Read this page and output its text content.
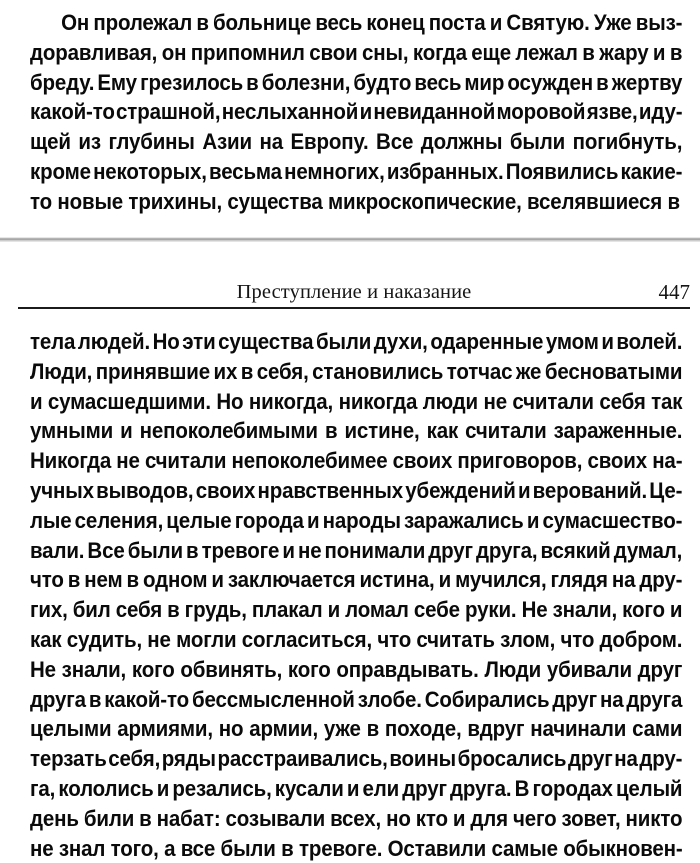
Он пролежал в больнице весь конец поста и Святую. Уже выз-
доравливая, он припомнил свои сны, когда еще лежал в жару и в
бреду. Ему грезилось в болезни, будто весь мир осужден в жертву
какой-то страшной, неслыханной и невиданной моровой язве, иду-
щей из глубины Азии на Европу. Все должны были погибнуть,
кроме некоторых, весьма немногих, избранных. Появились какие-
то новые трихины, существа микроскопические, вселявшиеся в
Преступление и наказание	447
тела людей. Но эти существа были духи, одаренные умом и волей.
Люди, принявшие их в себя, становились тотчас же бесноватыми
и сумасшедшими. Но никогда, никогда люди не считали себя так
умными и непоколебимыми в истине, как считали зараженные.
Никогда не считали непоколебимее своих приговоров, своих на-
учных выводов, своих нравственных убеждений и верований. Це-
лые селения, целые города и народы заражались и сумасшество-
вали. Все были в тревоге и не понимали друг друга, всякий думал,
что в нем в одном и заключается истина, и мучился, глядя на дру-
гих, бил себя в грудь, плакал и ломал себе руки. Не знали, кого и
как судить, не могли согласиться, что считать злом, что добром.
Не знали, кого обвинять, кого оправдывать. Люди убивали друг
друга в какой-то бессмысленной злобе. Собирались друг на друга
целыми армиями, но армии, уже в походе, вдруг начинали сами
терзать себя, ряды расстраивались, воины бросались друг на дру-
га, кололись и резались, кусали и ели друг друга. В городах целый
день били в набат: созывали всех, но кто и для чего зовет, никто
не знал того, а все были в тревоге. Оставили самые обыкновен-
